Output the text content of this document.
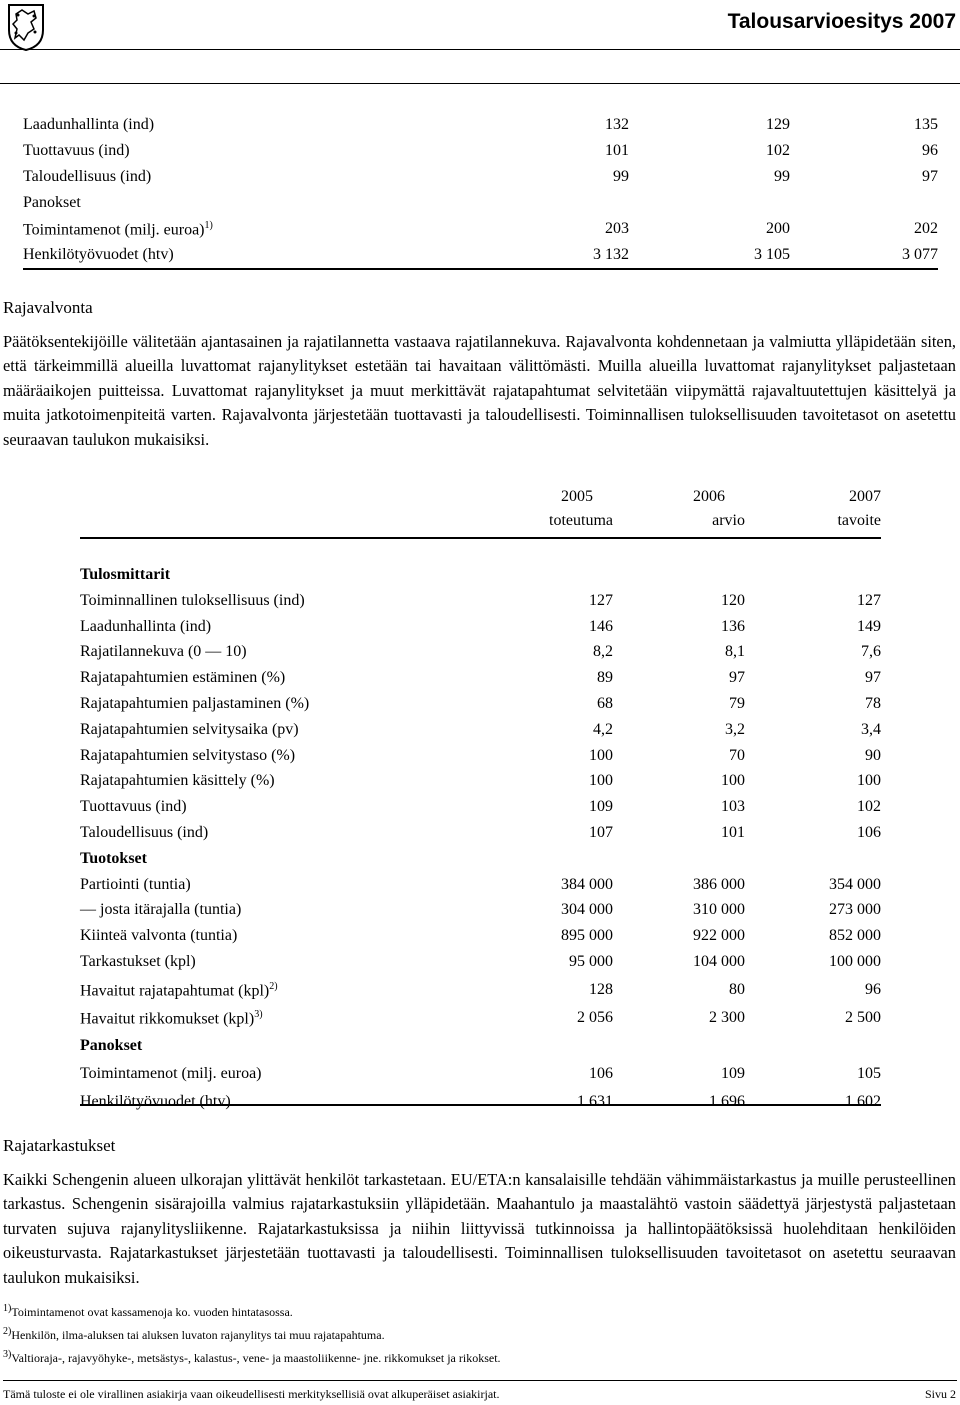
Talousarvioesitys 2007
Laadunhallinta (ind)	132	129	135
Tuottavuus (ind)	101	102	96
Taloudellisuus (ind)	99	99	97
Panokset
Toimintamenot (milj. euroa)$^{1)}$	203	200	202
Henkilötyövuodet (htv)	3 132	3 105	3 077
Rajavalvonta

Päätöksentekijöille välitetään ajantasainen ja rajatilannetta vastaava rajatilannekuva. Rajavalvonta kohdennetaan ja valmiutta ylläpidetään siten, että tärkeimmillä alueilla luvattomat rajanylitykset estetään tai havaitaan välittömästi. Muilla alueilla luvattomat rajanylitykset paljastetaan määräaikojen puitteissa. Luvattomat rajanylitykset ja muut merkittävät rajatapahtumat selvitetään viipymättä rajavaltuutettujen käsittelyä ja muita jatkotoimenpiteitä varten. Rajavalvonta järjestetään tuottavasti ja taloudellisesti. Toiminnallisen tuloksellisuuden tavoitetasot on asetettu seuraavan taulukon mukaisiksi.

2005	2006	2007
toteutuma	arvio	tavoite
Tulosmittarit
Toiminnallinen tuloksellisuus (ind)	127	120	127
Laadunhallinta (ind)	146	136	149
Rajatilannekuva (0 — 10)	8,2	8,1	7,6
Rajatapahtumien estäminen (%)	89	97	97
Rajatapahtumien paljastaminen (%)	68	79	78
Rajatapahtumien selvitysaika (pv)	4,2	3,2	3,4
Rajatapahtumien selvitystaso (%)	100	70	90
Rajatapahtumien käsittely (%)	100	100	100
Tuottavuus (ind)	109	103	102
Taloudellisuus (ind)	107	101	106
Tuotokset
Partiointi (tuntia)	384 000	386 000	354 000
— josta itärajalla (tuntia)	304 000	310 000	273 000
Kiinteä valvonta (tuntia)	895 000	922 000	852 000
Tarkastukset (kpl)	95 000	104 000	100 000
Havaitut rajatapahtumat (kpl)$^{2)}$	128	80	96
Havaitut rikkomukset (kpl)$^{3)}$	2 056	2 300	2 500
Panokset
Toimintamenot (milj. euroa)	106	109	105
Henkilötyövuodet (htv)	1 631	1 696	1 602
Rajatarkastukset

Kaikki Schengenin alueen ulkorajan ylittävät henkilöt tarkastetaan. EU/ETA:n kansalaisille tehdään vähimmäistarkastus ja muille perusteellinen tarkastus. Schengenin sisärajoilla valmius rajatarkastuksiin ylläpidetään. Maahantulo ja maastalähtö vastoin säädettyä järjestystä paljastetaan turvaten sujuva rajanylitysliikenne. Rajatarkastuksissa ja niihin liittyvissä tutkinnoissa ja hallintopäätöksissä huolehditaan henkilöiden oikeusturvasta. Rajatarkastukset järjestetään tuottavasti ja taloudellisesti. Toiminnallisen tuloksellisuuden tavoitetasot on asetettu seuraavan taulukon mukaisiksi.

$^{1)}$Toimintamenot ovat kassamenoja ko. vuoden hintatasossa.
$^{2)}$Henkilön, ilma-aluksen tai aluksen luvaton rajanylitys tai muu rajatapahtuma.
$^{3)}$Valtioraja-, rajavyöhyke-, metsästys-, kalastus-, vene- ja maastoliikenne- jne. rikkomukset ja rikokset.
Tämä tuloste ei ole virallinen asiakirja vaan oikeudellisesti merkityksellisiä ovat alkuperäiset asiakirjat.	Sivu 2
